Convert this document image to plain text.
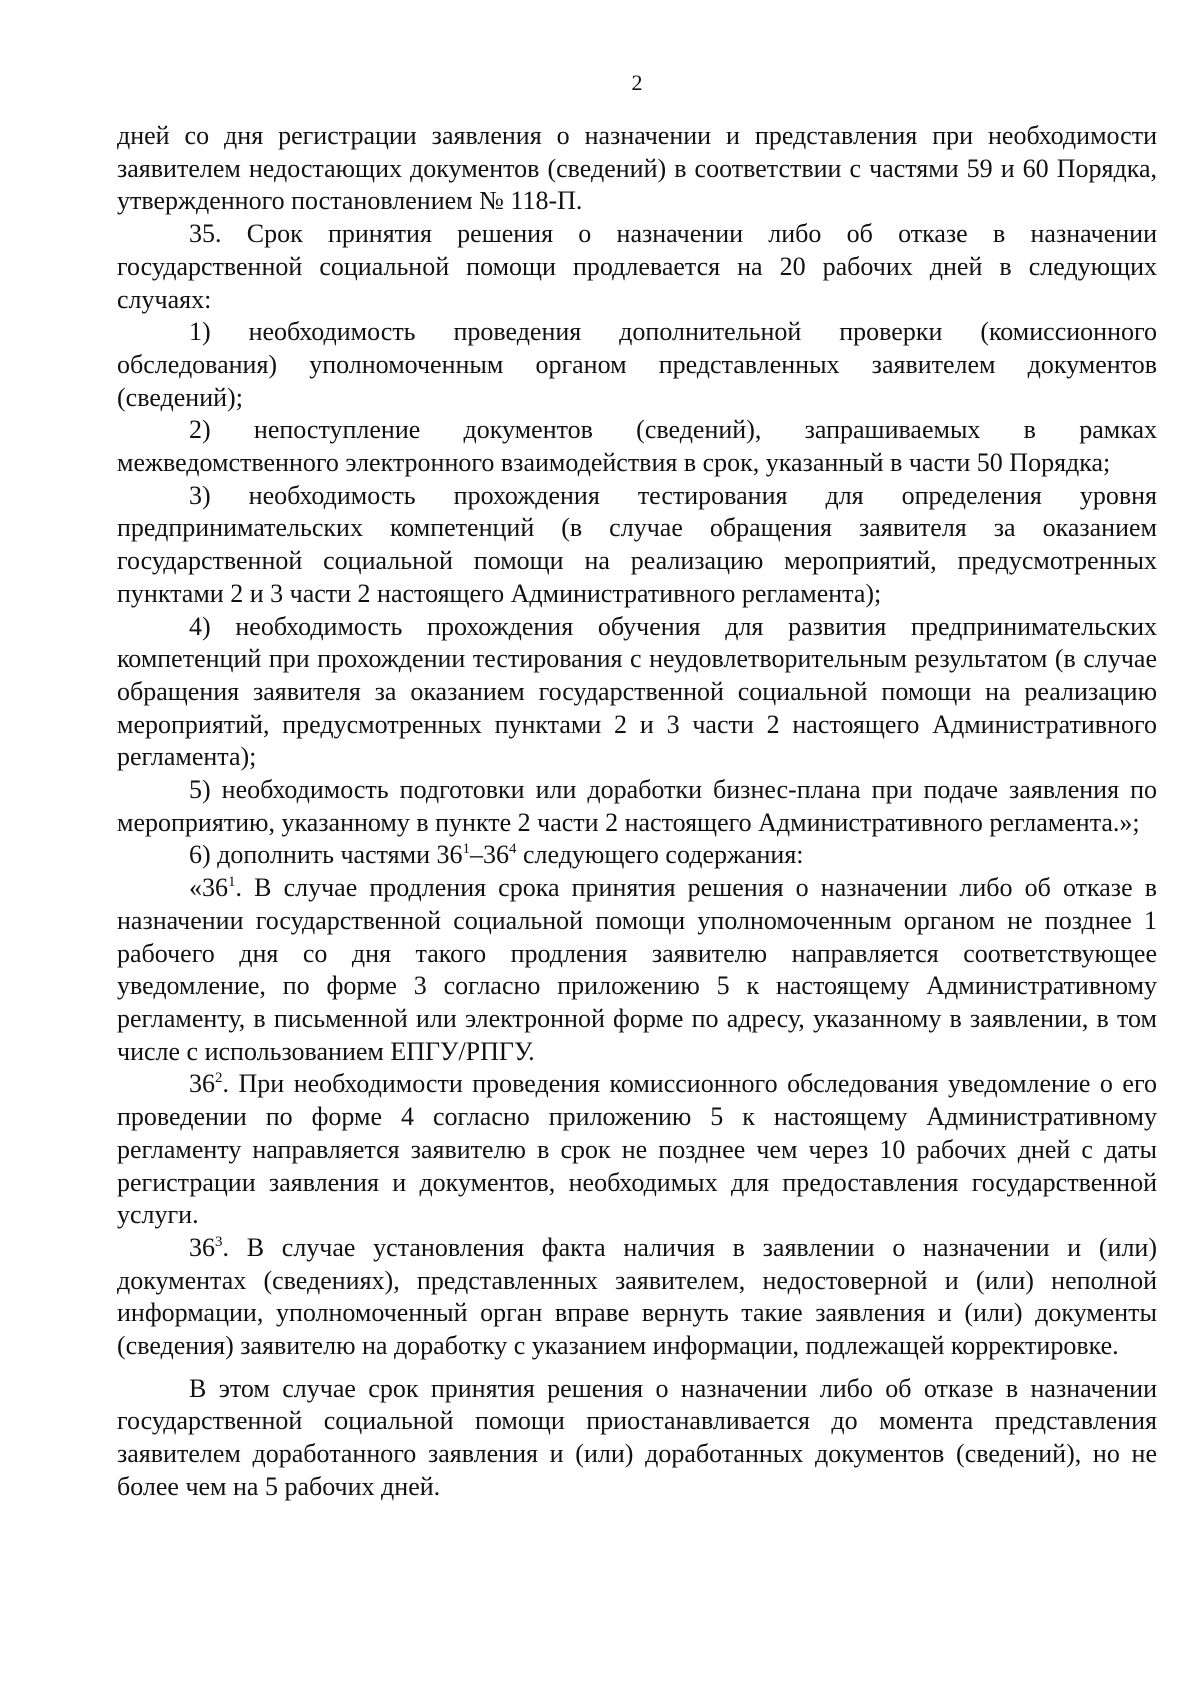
2

дней со дня регистрации заявления о назначении и представления при необходимости заявителем недостающих документов (сведений) в соответствии с частями 59 и 60 Порядка, утвержденного постановлением № 118-П.

35. Срок принятия решения о назначении либо об отказе в назначении государственной социальной помощи продлевается на 20 рабочих дней в следующих случаях:

1) необходимость проведения дополнительной проверки (комиссионного обследования) уполномоченным органом представленных заявителем документов (сведений);

2) непоступление документов (сведений), запрашиваемых в рамках межведомственного электронного взаимодействия в срок, указанный в части 50 Порядка;

3) необходимость прохождения тестирования для определения уровня предпринимательских компетенций (в случае обращения заявителя за оказанием государственной социальной помощи на реализацию мероприятий, предусмотренных пунктами 2 и 3 части 2 настоящего Административного регламента);

4) необходимость прохождения обучения для развития предпринимательских компетенций при прохождении тестирования с неудовлетворительным результатом (в случае обращения заявителя за оказанием государственной социальной помощи на реализацию мероприятий, предусмотренных пунктами 2 и 3 части 2 настоящего Административного регламента);

5) необходимость подготовки или доработки бизнес-плана при подаче заявления по мероприятию, указанному в пункте 2 части 2 настоящего Административного регламента.»;

6) дополнить частями $36^1-36^4$ следующего содержания:

«$36^1$. В случае продления срока принятия решения о назначении либо об отказе в назначении государственной социальной помощи уполномоченным органом не позднее 1 рабочего дня со дня такого продления заявителю направляется соответствующее уведомление, по форме 3 согласно приложению 5 к настоящему Административному регламенту, в письменной или электронной форме по адресу, указанному в заявлении, в том числе с использованием ЕПГУ/РПГУ.

$36^2$. При необходимости проведения комиссионного обследования уведомление о его проведении по форме 4 согласно приложению 5 к настоящему Административному регламенту направляется заявителю в срок не позднее чем через 10 рабочих дней с даты регистрации заявления и документов, необходимых для предоставления государственной услуги.

$36^3$. В случае установления факта наличия в заявлении о назначении и (или) документах (сведениях), представленных заявителем, недостоверной и (или) неполной информации, уполномоченный орган вправе вернуть такие заявления и (или) документы (сведения) заявителю на доработку с указанием информации, подлежащей корректировке.

В этом случае срок принятия решения о назначении либо об отказе в назначении государственной социальной помощи приостанавливается до момента представления заявителем доработанного заявления и (или) доработанных документов (сведений), но не более чем на 5 рабочих дней.
